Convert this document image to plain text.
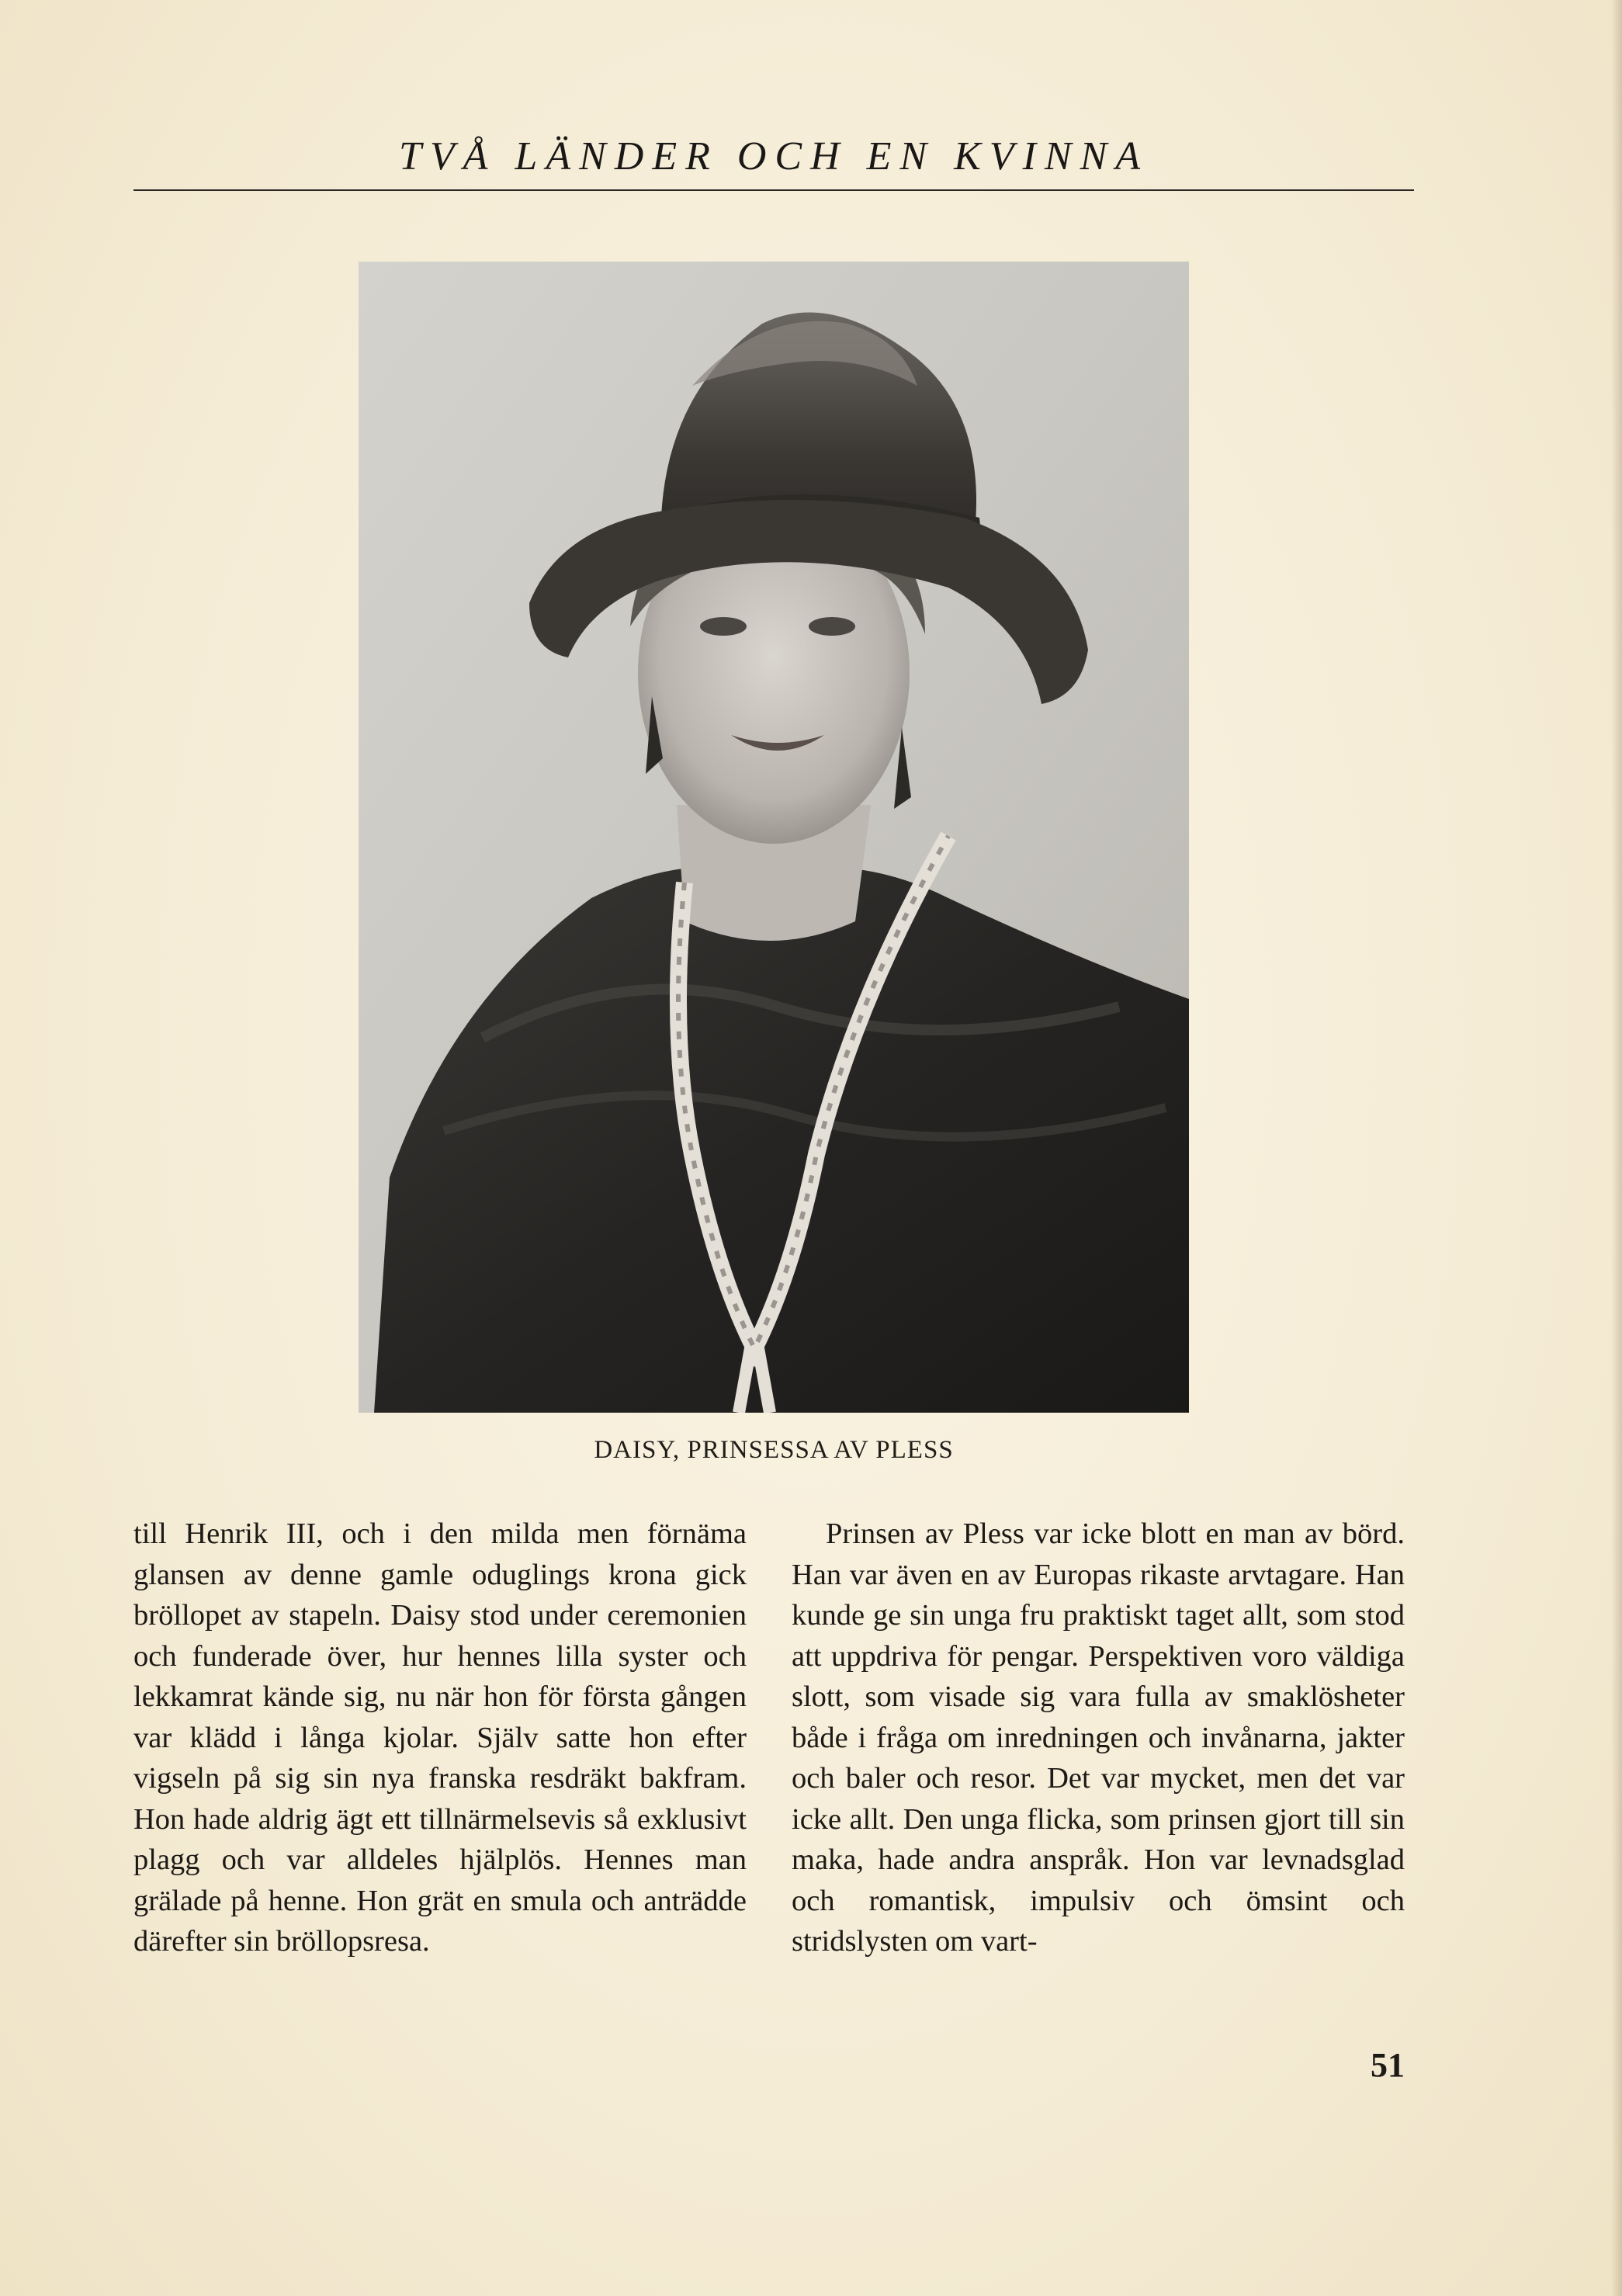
TVÅ LÄNDER OCH EN KVINNA
DAISY, PRINSESSA AV PLESS

till Henrik III, och i den milda men förnäma glansen av denne gamle oduglings krona gick bröllopet av stapeln. Daisy stod under ceremonien och funderade över, hur hennes lilla syster och lekkamrat kände sig, nu när hon för första gången var klädd i långa kjolar. Själv satte hon efter vigseln på sig sin nya franska resdräkt bakfram. Hon hade aldrig ägt ett tillnärmelsevis så exklusivt plagg och var alldeles hjälplös. Hennes man grälade på henne. Hon grät en smula och anträdde därefter sin bröllopsresa.

Prinsen av Pless var icke blott en man av börd. Han var även en av Europas rikaste arvtagare. Han kunde ge sin unga fru praktiskt taget allt, som stod att uppdriva för pengar. Perspektiven voro väldiga slott, som visade sig vara fulla av smaklösheter både i fråga om inredningen och invånarna, jakter och baler och resor. Det var mycket, men det var icke allt. Den unga flicka, som prinsen gjort till sin maka, hade andra anspråk. Hon var levnadsglad och romantisk, impulsiv och ömsint och stridslysten om vart-

51
